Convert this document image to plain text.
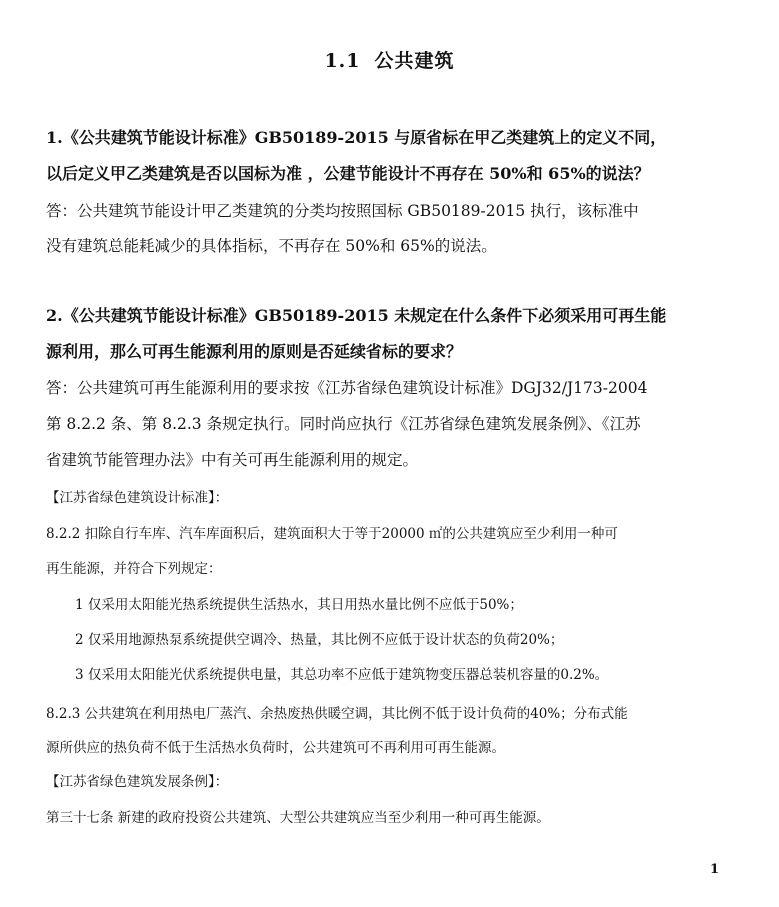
1.1 公共建筑
1.《公共建筑节能设计标准》GB50189-2015 与原省标在甲乙类建筑上的定义不同，
以后定义甲乙类建筑是否以国标为准 ，公建节能设计不再存在 50%和 65%的说法？
答：公共建筑节能设计甲乙类建筑的分类均按照国标 GB50189-2015 执行，该标准中
没有建筑总能耗减少的具体指标，不再存在 50%和 65%的说法。
2.《公共建筑节能设计标准》GB50189-2015 未规定在什么条件下必须采用可再生能
源利用，那么可再生能源利用的原则是否延续省标的要求？
答：公共建筑可再生能源利用的要求按《江苏省绿色建筑设计标准》DGJ32/J173-2004
第 8.2.2 条、第 8.2.3 条规定执行。同时尚应执行《江苏省绿色建筑发展条例》、《江苏
省建筑节能管理办法》中有关可再生能源利用的规定。
【江苏省绿色建筑设计标准】：
8.2.2 扣除自行车库、汽车库面积后，建筑面积大于等于20000 ㎡的公共建筑应至少利用一种可
再生能源，并符合下列规定：
1 仅采用太阳能光热系统提供生活热水，其日用热水量比例不应低于50%；
2 仅采用地源热泵系统提供空调冷、热量，其比例不应低于设计状态的负荷20%；
3 仅采用太阳能光伏系统提供电量，其总功率不应低于建筑物变压器总装机容量的0.2%。
8.2.3 公共建筑在利用热电厂蒸汽、余热废热供暖空调，其比例不低于设计负荷的40%；分布式能
源所供应的热负荷不低于生活热水负荷时，公共建筑可不再利用可再生能源。
【江苏省绿色建筑发展条例】：
第三十七条 新建的政府投资公共建筑、大型公共建筑应当至少利用一种可再生能源。
1
